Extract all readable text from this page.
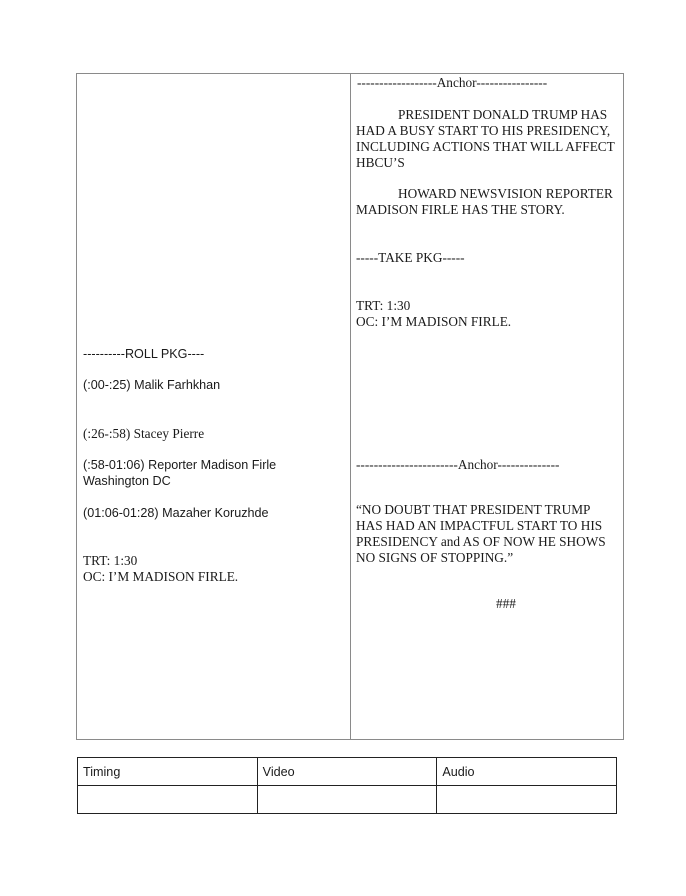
------------------Anchor----------------
PRESIDENT DONALD TRUMP HAS HAD A BUSY START TO HIS PRESIDENCY, INCLUDING ACTIONS THAT WILL AFFECT HBCU’S
HOWARD NEWSVISION REPORTER MADISON FIRLE HAS THE STORY.
-----TAKE PKG-----
TRT: 1:30
OC: I’M MADISON FIRLE.
-----------------------Anchor--------------
“NO DOUBT THAT PRESIDENT TRUMP HAS HAD AN IMPACTFUL START TO HIS PRESIDENCY and AS OF NOW HE SHOWS NO SIGNS OF STOPPING.”
###
----------ROLL PKG----
(:00-:25) Malik Farhkhan
(:26-:58) Stacey Pierre
(:58-01:06) Reporter Madison Firle Washington DC
(01:06-01:28) Mazaher Koruzhde
TRT: 1:30
OC: I’M MADISON FIRLE.
Timing	Video	Audio
